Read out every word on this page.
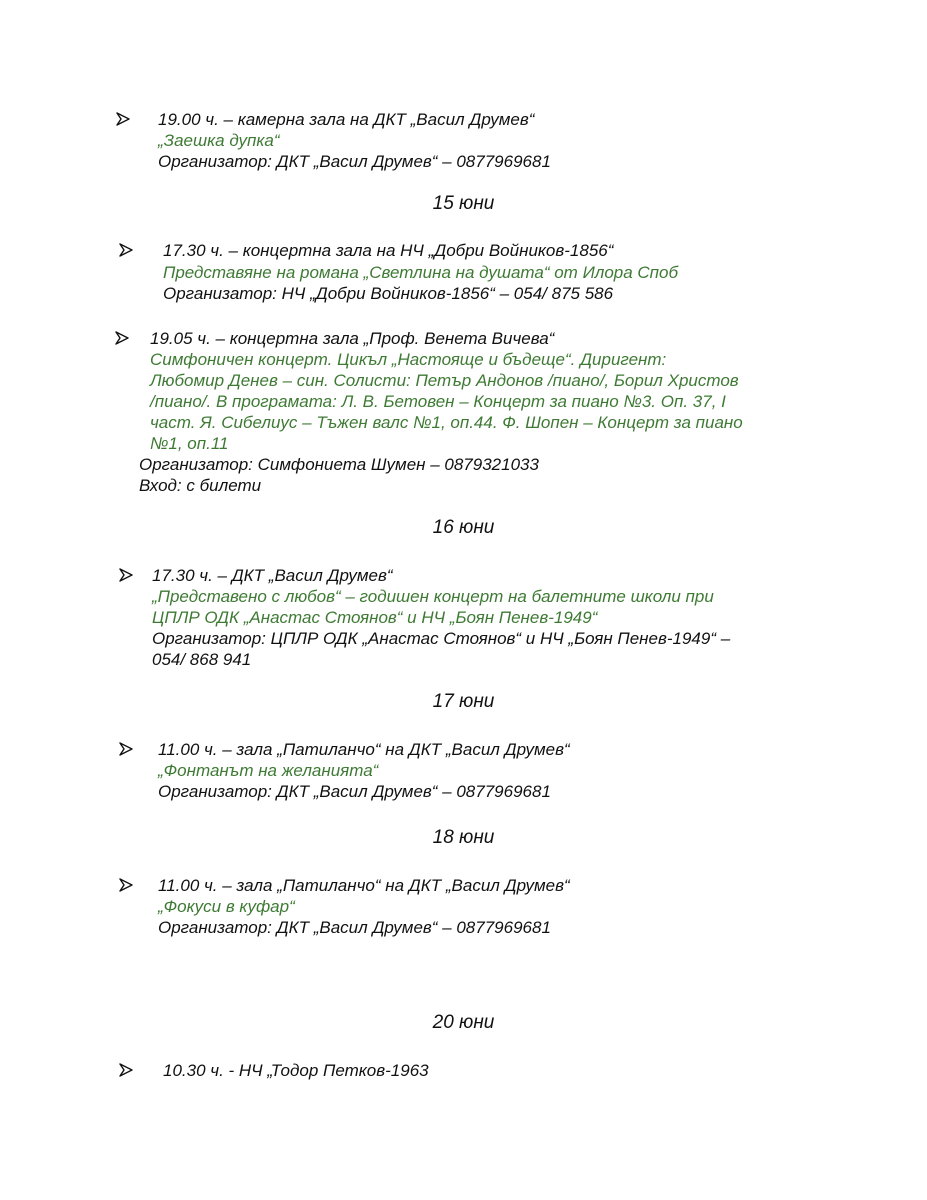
19.00 ч. – камерна зала на ДКТ „Васил Друмев“
„Заешка дупка“
Организатор: ДКТ „Васил Друмев“ – 0877969681
15 юни
17.30 ч. – концертна зала на НЧ „Добри Войников-1856“
Представяне на романа „Светлина на душата“ от Илора Споб
Организатор: НЧ „Добри Войников-1856“ – 054/ 875 586
19.05 ч. – концертна зала „Проф. Венета Вичева“
Симфоничен концерт. Цикъл „Настояще и бъдеще“. Диригент:
Любомир Денев – син. Солисти: Петър Андонов /пиано/, Борил Христов
/пиано/. В програмата: Л. В. Бетовен – Концерт за пиано №3. Оп. 37, I
част. Я. Сибелиус – Тъжен валс №1, оп.44. Ф. Шопен – Концерт за пиано
№1, оп.11
Организатор: Симфониета Шумен – 0879321033
Вход: с билети
16 юни
17.30 ч. – ДКТ „Васил Друмев“
„Представено с любов“ – годишен концерт на балетните школи при
ЦПЛР ОДК „Анастас Стоянов“ и НЧ „Боян Пенев-1949“
Организатор: ЦПЛР ОДК „Анастас Стоянов“ и НЧ „Боян Пенев-1949“ –
054/ 868 941
17 юни
11.00 ч. – зала „Патиланчо“ на ДКТ „Васил Друмев“
„Фонтанът на желанията“
Организатор: ДКТ „Васил Друмев“ – 0877969681
18 юни
11.00 ч. – зала „Патиланчо“ на ДКТ „Васил Друмев“
„Фокуси в куфар“
Организатор: ДКТ „Васил Друмев“ – 0877969681
20 юни
10.30 ч. - НЧ „Тодор Петков-1963
